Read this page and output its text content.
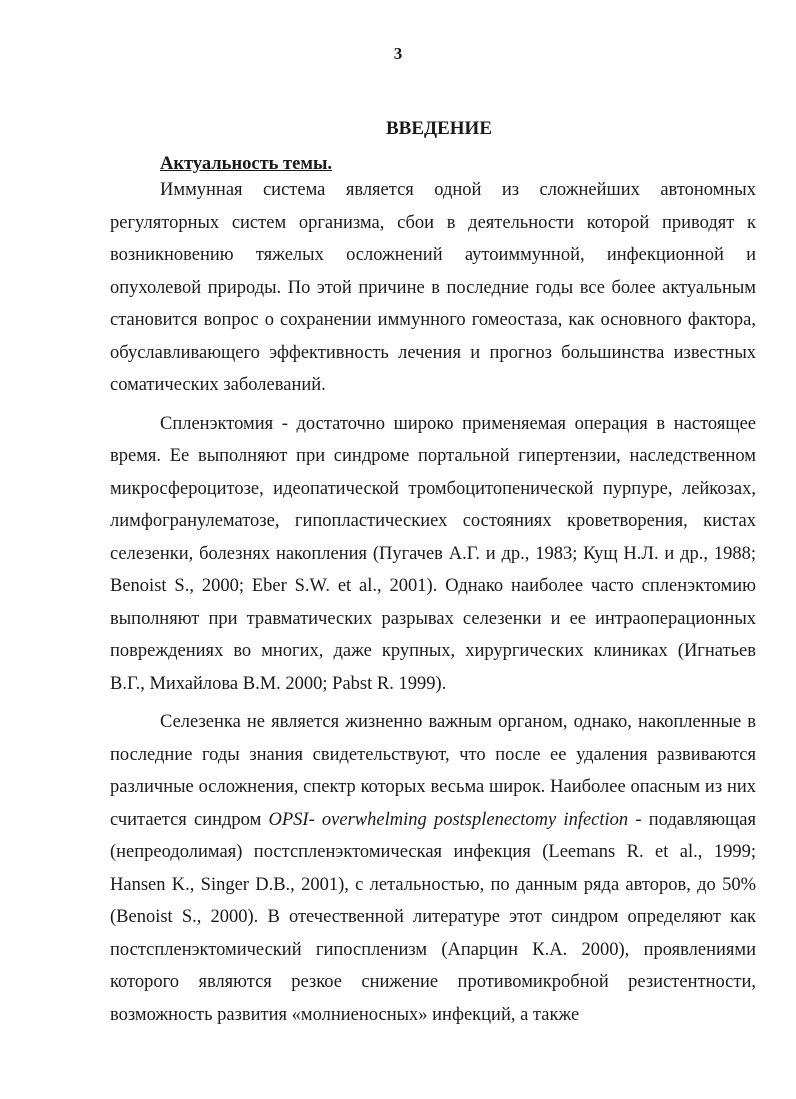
3
ВВЕДЕНИЕ
Актуальность темы.

Иммунная система является одной из сложнейших автономных регуляторных систем организма, сбои в деятельности которой приводят к возникновению тяжелых осложнений аутоиммунной, инфекционной и опухолевой природы. По этой причине в последние годы все более актуальным становится вопрос о сохранении иммунного гомеостаза, как основного фактора, обуславливающего эффективность лечения и прогноз большинства известных соматических заболеваний.

Спленэктомия - достаточно широко применяемая операция в настоящее время. Ее выполняют при синдроме портальной гипертензии, наследственном микросфероцитозе, идеопатической тромбоцитопенической пурпуре, лейкозах, лимфогранулематозе, гипопластическиех состояниях кроветворения, кистах селезенки, болезнях накопления (Пугачев А.Г. и др., 1983; Кущ Н.Л. и др., 1988; Benoist S., 2000; Eber S.W. et al., 2001). Однако наиболее часто спленэктомию выполняют при травматических разрывах селезенки и ее интраоперационных повреждениях во многих, даже крупных, хирургических клиниках (Игнатьев В.Г., Михайлова В.М. 2000; Pabst R. 1999).

Селезенка не является жизненно важным органом, однако, накопленные в последние годы знания свидетельствуют, что после ее удаления развиваются различные осложнения, спектр которых весьма широк. Наиболее опасным из них считается синдром OPSI- overwhelming postsplenectomy infection - подавляющая (непреодолимая) постспленэктомическая инфекция (Leemans R. et al., 1999; Hansen K., Singer D.B., 2001), с летальностью, по данным ряда авторов, до 50% (Benoist S., 2000). В отечественной литературе этот синдром определяют как постспленэктомический гипоспленизм (Апарцин К.А. 2000), проявлениями которого являются резкое снижение противомикробной резистентности, возможность развития «молниеносных» инфекций, а также
